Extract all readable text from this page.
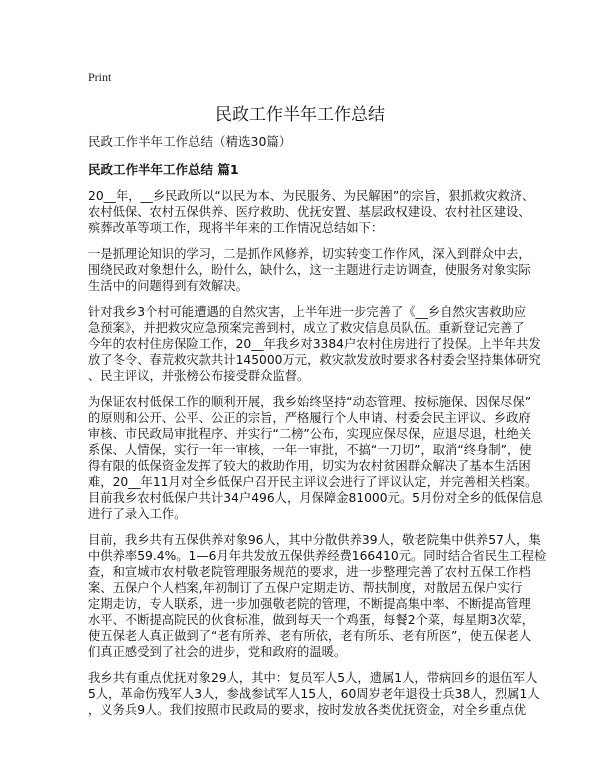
Print
民政工作半年工作总结
民政工作半年工作总结（精选30篇）
民政工作半年工作总结 篇1
20__年，__乡民政所以“以民为本、为民服务、为民解困”的宗旨，狠抓救灾救济、
农村低保、农村五保供养、医疗救助、优抚安置、基层政权建设、农村社区建设、
殡葬改革等项工作，现将半年来的工作情况总结如下：
一是抓理论知识的学习，二是抓作风修养，切实转变工作作风，深入到群众中去，
围绕民政对象想什么，盼什么，缺什么，这一主题进行走访调查，使服务对象实际
生活中的问题得到有效解决。
针对我乡3个村可能遭遇的自然灾害，上半年进一步完善了《__乡自然灾害救助应
急预案》，并把救灾应急预案完善到村，成立了救灾信息员队伍。重新登记完善了
今年的农村住房保险工作，20__年我乡对3384户农村住房进行了投保。上半年共发
放了冬令、春荒救灾款共计145000万元，救灾款发放时要求各村委会坚持集体研究
、民主评议，并张榜公布接受群众监督。
为保证农村低保工作的顺利开展，我乡始终坚持“动态管理、按标施保、因保尽保”
的原则和公开、公平、公正的宗旨，严格履行个人申请、村委会民主评议、乡政府
审核、市民政局审批程序、并实行“二榜”公布，实现应保尽保，应退尽退，杜绝关
系保、人情保，实行一年一审核，一年一审批，不搞“一刀切”，取消“终身制”，使
得有限的低保资金发挥了较大的救助作用，切实为农村贫困群众解决了基本生活困
难，20__年11月对全乡低保户召开民主评议会进行了评议认定，并完善相关档案。
目前我乡农村低保户共计34户496人，月保障金81000元。5月份对全乡的低保信息
进行了录入工作。
目前，我乡共有五保供养对象96人，其中分散供养39人，敬老院集中供养57人，集
中供养率59.4%。1—6月年共发放五保供养经费166410元。同时结合省民生工程检
查，和宣城市农村敬老院管理服务规范的要求，进一步整理完善了农村五保工作档
案、五保户个人档案,年初制订了五保户定期走访、帮扶制度，对散居五保户实行
定期走访，专人联系，进一步加强敬老院的管理，不断提高集中率、不断提高管理
水平、不断提高院民的伙食标准，做到每天一个鸡蛋，每餐2个菜，每星期3次荤，
使五保老人真正做到了“老有所养、老有所依，老有所乐、老有所医”，使五保老人
们真正感受到了社会的进步，党和政府的温暖。
我乡共有重点优抚对象29人，其中：复员军人5人，遗属1人，带病回乡的退伍军人
5人，革命伤残军人3人，参战参试军人15人，60周岁老年退役士兵38人，烈属1人
，义务兵9人。我们按照市民政局的要求，按时发放各类优抚资金，对全乡重点优
